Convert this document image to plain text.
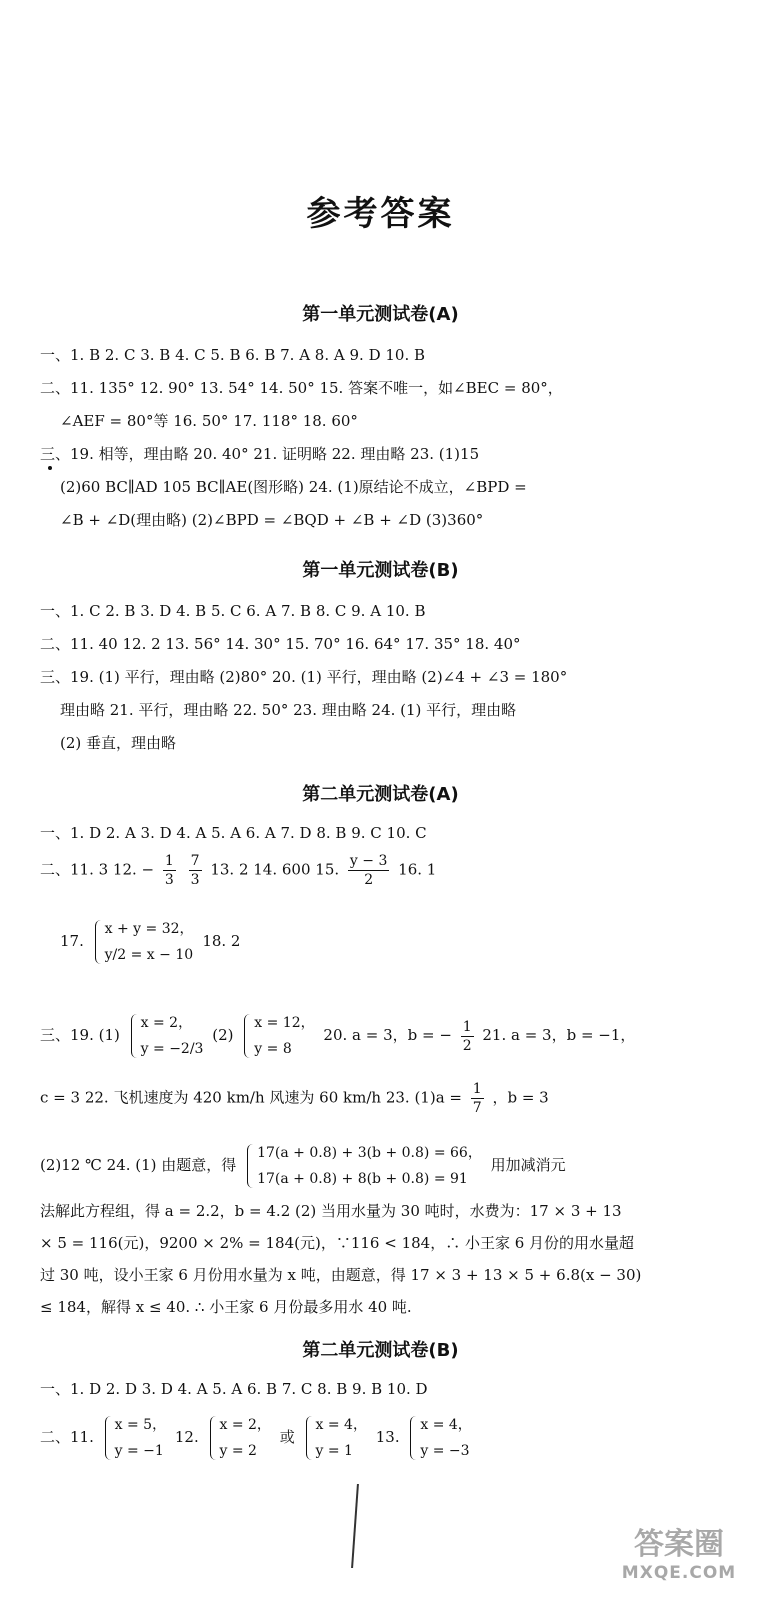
参考答案
第一单元测试卷(A)
一、1. B 2. C 3. B 4. C 5. B 6. B 7. A 8. A 9. D 10. B
二、11. 135° 12. 90° 13. 54° 14. 50° 15. 答案不唯一，如∠BEC = 80°，
∠AEF = 80°等 16. 50° 17. 118° 18. 60°
三、19. 相等，理由略 20. 40° 21. 证明略 22. 理由略 23. (1)15
(2)60 BC∥AD 105 BC∥AE(图形略) 24. (1)原结论不成立，∠BPD =
∠B + ∠D(理由略) (2)∠BPD = ∠BQD + ∠B + ∠D (3)360°
第一单元测试卷(B)
一、1. C 2. B 3. D 4. B 5. C 6. A 7. B 8. C 9. A 10. B
二、11. 40 12. 2 13. 56° 14. 30° 15. 70° 16. 64° 17. 35° 18. 40°
三、19. (1) 平行，理由略 (2)80° 20. (1) 平行，理由略 (2)∠4 + ∠3 = 180°
理由略 21. 平行，理由略 22. 50° 23. 理由略 24. (1) 平行，理由略
(2) 垂直，理由略
第二单元测试卷(A)
一、1. D 2. A 3. D 4. A 5. A 6. A 7. D 8. B 9. C 10. C
二、11. 3 12. − $\frac{1}{3}$
$\frac{7}{3} 13$. 2 14. 600 15. $\frac{y - 3}{2} 16$. 1
17.
x + y = 32，
y/2 = x − 10
18. 2
三、19. (1)
x = 2，
y = −2/3
(2)
x = 12，
y = 8
20. a = 3，b = − $\frac{1}{2} 21$. a = 3，b = −1，
c = 3 22. 飞机速度为 420 km/h 风速为 60 km/h 23. $(1)a = \frac{1}{7}$ ，b = 3
(2)12 ℃ 24. (1) 由题意，得
17(a + 0.8) + 3(b + 0.8) = 66，
17(a + 0.8) + 8(b + 0.8) = 91
用加减消元
法解此方程组，得 a = 2.2，b = 4.2 (2) 当用水量为 30 吨时，水费为：17 × 3 + 13
× 5 = 116(元)，9200 × 2% = 184(元)，∵116 < 184，∴ 小王家 6 月份的用水量超
过 30 吨，设小王家 6 月份用水量为 x 吨，由题意，得 17 × 3 + 13 × 5 + 6.8(x − 30)
≤ 184，解得 x ≤ 40. ∴ 小王家 6 月份最多用水 40 吨.
第二单元测试卷(B)
一、1. D 2. D 3. D 4. A 5. A 6. B 7. C 8. B 9. B 10. D
二、11.
x = 5，
y = −1
12.
x = 2，
y = 2
或
x = 4，
y = 1
13.
x = 4，
y = −3
答案圈
MXQE.COM
